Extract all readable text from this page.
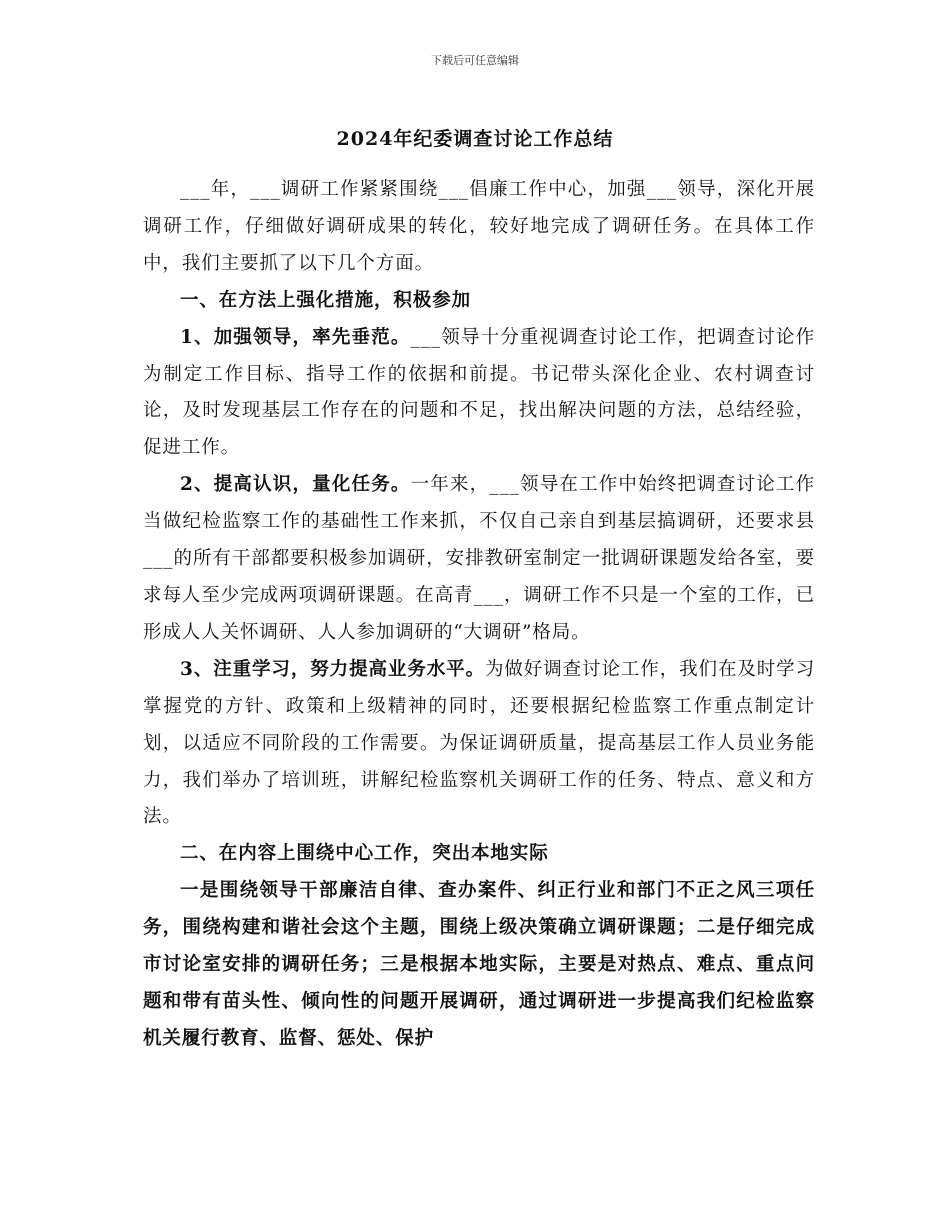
下载后可任意编辑
2024年纪委调查讨论工作总结

___年，___调研工作紧紧围绕___倡廉工作中心，加强___领导，深化开展调研工作，仔细做好调研成果的转化，较好地完成了调研任务。在具体工作中，我们主要抓了以下几个方面。

一、在方法上强化措施，积极参加

1、加强领导，率先垂范。___领导十分重视调查讨论工作，把调查讨论作为制定工作目标、指导工作的依据和前提。书记带头深化企业、农村调查讨论，及时发现基层工作存在的问题和不足，找出解决问题的方法，总结经验，促进工作。

2、提高认识，量化任务。一年来，___领导在工作中始终把调查讨论工作当做纪检监察工作的基础性工作来抓，不仅自己亲自到基层搞调研，还要求县___的所有干部都要积极参加调研，安排教研室制定一批调研课题发给各室，要求每人至少完成两项调研课题。在高青___，调研工作不只是一个室的工作，已形成人人关怀调研、人人参加调研的“大调研”格局。

3、注重学习，努力提高业务水平。为做好调查讨论工作，我们在及时学习掌握党的方针、政策和上级精神的同时，还要根据纪检监察工作重点制定计划，以适应不同阶段的工作需要。为保证调研质量，提高基层工作人员业务能力，我们举办了培训班，讲解纪检监察机关调研工作的任务、特点、意义和方法。

二、在内容上围绕中心工作，突出本地实际

一是围绕领导干部廉洁自律、查办案件、纠正行业和部门不正之风三项任务，围绕构建和谐社会这个主题，围绕上级决策确立调研课题；二是仔细完成市讨论室安排的调研任务；三是根据本地实际，主要是对热点、难点、重点问题和带有苗头性、倾向性的问题开展调研，通过调研进一步提高我们纪检监察机关履行教育、监督、惩处、保护
